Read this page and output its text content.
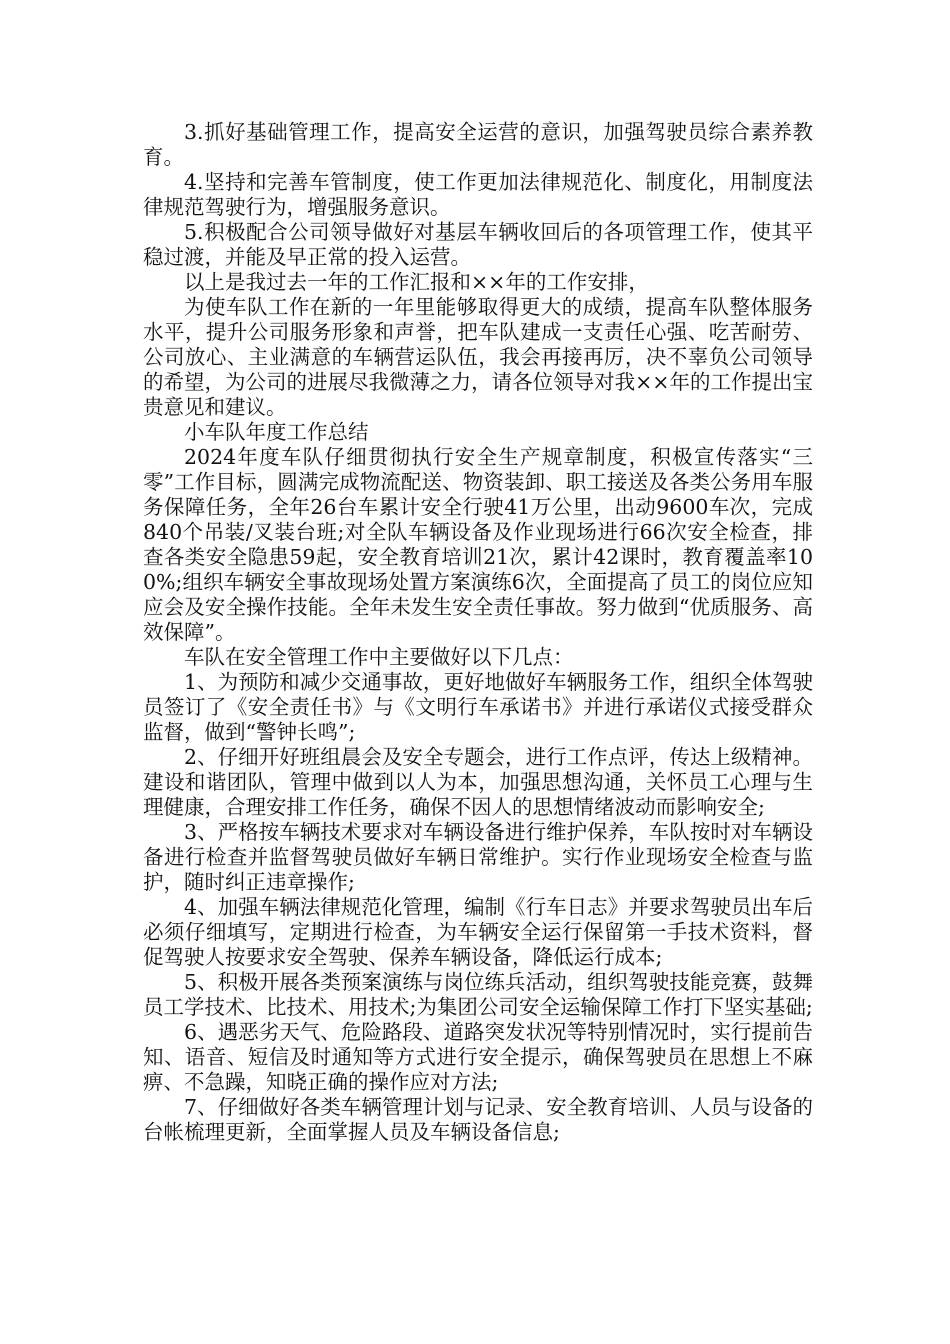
3.抓好基础管理工作，提高安全运营的意识，加强驾驶员综合素养教育。

4.坚持和完善车管制度，使工作更加法律规范化、制度化，用制度法律规范驾驶行为，增强服务意识。

5.积极配合公司领导做好对基层车辆收回后的各项管理工作，使其平稳过渡，并能及早正常的投入运营。

以上是我过去一年的工作汇报和××年的工作安排，

为使车队工作在新的一年里能够取得更大的成绩，提高车队整体服务水平，提升公司服务形象和声誉，把车队建成一支责任心强、吃苦耐劳、公司放心、主业满意的车辆营运队伍，我会再接再厉，决不辜负公司领导的希望，为公司的进展尽我微薄之力，请各位领导对我××年的工作提出宝贵意见和建议。

小车队年度工作总结

2024年度车队仔细贯彻执行安全生产规章制度，积极宣传落实“三零”工作目标，圆满完成物流配送、物资装卸、职工接送及各类公务用车服务保障任务，全年26台车累计安全行驶41万公里，出动9600车次，完成840个吊装/叉装台班;对全队车辆设备及作业现场进行66次安全检查，排查各类安全隐患59起，安全教育培训21次，累计42课时，教育覆盖率100%;组织车辆安全事故现场处置方案演练6次，全面提高了员工的岗位应知应会及安全操作技能。全年未发生安全责任事故。努力做到“优质服务、高效保障”。

车队在安全管理工作中主要做好以下几点：

1、为预防和减少交通事故，更好地做好车辆服务工作，组织全体驾驶员签订了《安全责任书》与《文明行车承诺书》并进行承诺仪式接受群众监督，做到“警钟长鸣”;

2、仔细开好班组晨会及安全专题会，进行工作点评，传达上级精神。建设和谐团队，管理中做到以人为本，加强思想沟通，关怀员工心理与生理健康，合理安排工作任务，确保不因人的思想情绪波动而影响安全;

3、严格按车辆技术要求对车辆设备进行维护保养，车队按时对车辆设备进行检查并监督驾驶员做好车辆日常维护。实行作业现场安全检查与监护，随时纠正违章操作;

4、加强车辆法律规范化管理，编制《行车日志》并要求驾驶员出车后必须仔细填写，定期进行检查，为车辆安全运行保留第一手技术资料，督促驾驶人按要求安全驾驶、保养车辆设备，降低运行成本;

5、积极开展各类预案演练与岗位练兵活动，组织驾驶技能竞赛，鼓舞员工学技术、比技术、用技术;为集团公司安全运输保障工作打下坚实基础;

6、遇恶劣天气、危险路段、道路突发状况等特别情况时，实行提前告知、语音、短信及时通知等方式进行安全提示，确保驾驶员在思想上不麻痹、不急躁，知晓正确的操作应对方法;

7、仔细做好各类车辆管理计划与记录、安全教育培训、人员与设备的台帐梳理更新，全面掌握人员及车辆设备信息;
